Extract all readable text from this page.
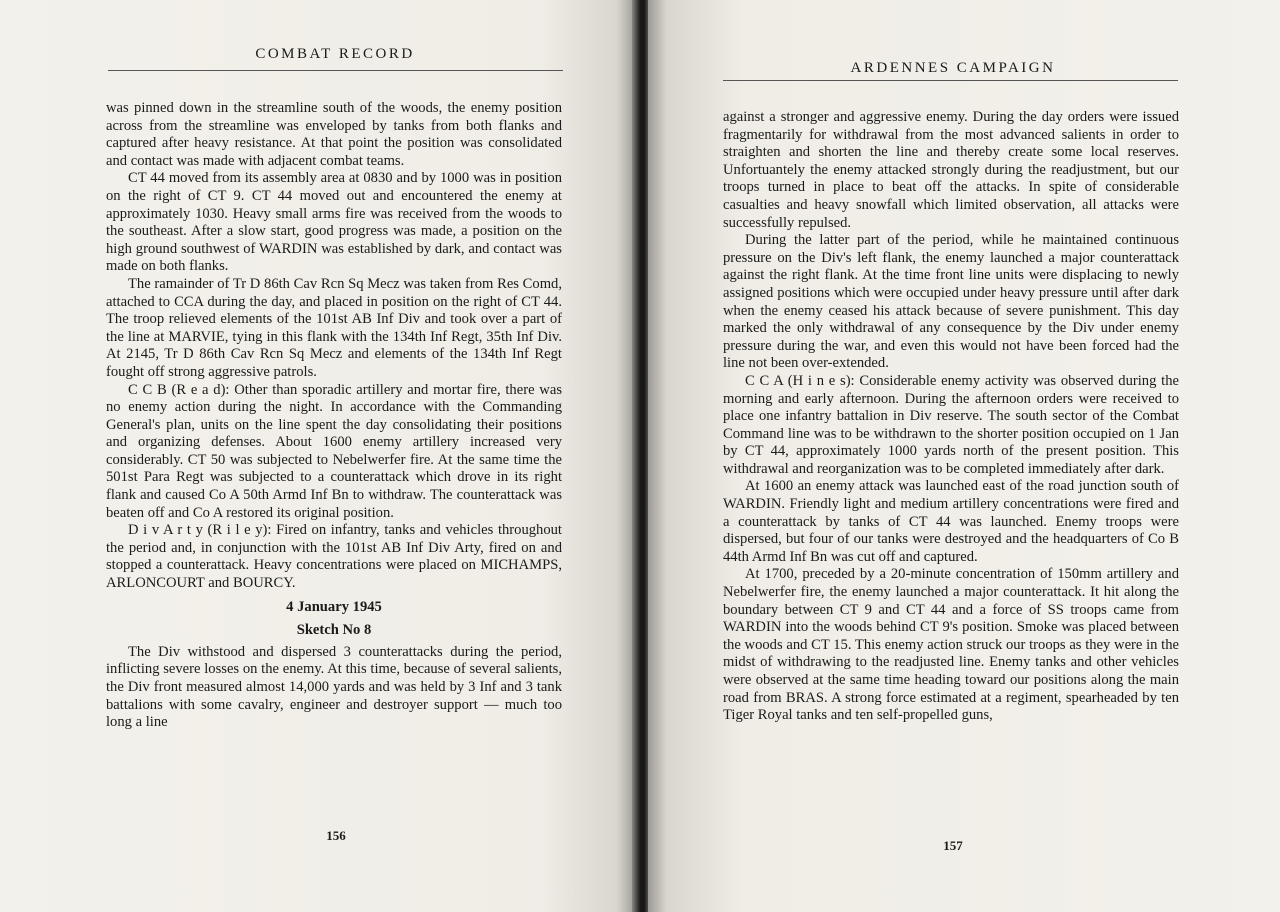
COMBAT RECORD

was pinned down in the streamline south of the woods, the enemy position across from the streamline was enveloped by tanks from both flanks and captured after heavy resistance. At that point the position was consolidated and contact was made with adjacent combat teams.

CT 44 moved from its assembly area at 0830 and by 1000 was in position on the right of CT 9. CT 44 moved out and encountered the enemy at approximately 1030. Heavy small arms fire was received from the woods to the southeast. After a slow start, good progress was made, a position on the high ground southwest of WARDIN was established by dark, and contact was made on both flanks.

The ramainder of Tr D 86th Cav Rcn Sq Mecz was taken from Res Comd, attached to CCA during the day, and placed in position on the right of CT 44. The troop relieved elements of the 101st AB Inf Div and took over a part of the line at MARVIE, tying in this flank with the 134th Inf Regt, 35th Inf Div. At 2145, Tr D 86th Cav Rcn Sq Mecz and elements of the 134th Inf Regt fought off strong aggressive patrols.

C C B (R e a d): Other than sporadic artillery and mortar fire, there was no enemy action during the night. In accordance with the Commanding General's plan, units on the line spent the day consolidating their positions and organizing defenses. About 1600 enemy artillery increased very considerably. CT 50 was subjected to Nebelwerfer fire. At the same time the 501st Para Regt was subjected to a counterattack which drove in its right flank and caused Co A 50th Armd Inf Bn to withdraw. The counterattack was beaten off and Co A restored its original position.

D i v A r t y (R i l e y): Fired on infantry, tanks and vehicles throughout the period and, in conjunction with the 101st AB Inf Div Arty, fired on and stopped a counterattack. Heavy concentrations were placed on MICHAMPS, ARLONCOURT and BOURCY.

4 January 1945

Sketch No 8

The Div withstood and dispersed 3 counterattacks during the period, inflicting severe losses on the enemy. At this time, because of several salients, the Div front measured almost 14,000 yards and was held by 3 Inf and 3 tank battalions with some cavalry, engineer and destroyer support — much too long a line

156
ARDENNES CAMPAIGN

against a stronger and aggressive enemy. During the day orders were issued fragmentarily for withdrawal from the most advanced salients in order to straighten and shorten the line and thereby create some local reserves. Unfortuantely the enemy attacked strongly during the readjustment, but our troops turned in place to beat off the attacks. In spite of considerable casualties and heavy snowfall which limited observation, all attacks were successfully repulsed.

During the latter part of the period, while he maintained continuous pressure on the Div's left flank, the enemy launched a major counterattack against the right flank. At the time front line units were displacing to newly assigned positions which were occupied under heavy pressure until after dark when the enemy ceased his attack because of severe punishment. This day marked the only withdrawal of any consequence by the Div under enemy pressure during the war, and even this would not have been forced had the line not been over-extended.

C C A (H i n e s): Considerable enemy activity was observed during the morning and early afternoon. During the afternoon orders were received to place one infantry battalion in Div reserve. The south sector of the Combat Command line was to be withdrawn to the shorter position occupied on 1 Jan by CT 44, approximately 1000 yards north of the present position. This withdrawal and reorganization was to be completed immediately after dark.

At 1600 an enemy attack was launched east of the road junction south of WARDIN. Friendly light and medium artillery concentrations were fired and a counterattack by tanks of CT 44 was launched. Enemy troops were dispersed, but four of our tanks were destroyed and the headquarters of Co B 44th Armd Inf Bn was cut off and captured.

At 1700, preceded by a 20-minute concentration of 150mm artillery and Nebelwerfer fire, the enemy launched a major counterattack. It hit along the boundary between CT 9 and CT 44 and a force of SS troops came from WARDIN into the woods behind CT 9's position. Smoke was placed between the woods and CT 15. This enemy action struck our troops as they were in the midst of withdrawing to the readjusted line. Enemy tanks and other vehicles were observed at the same time heading toward our positions along the main road from BRAS. A strong force estimated at a regiment, spearheaded by ten Tiger Royal tanks and ten self-propelled guns,

157
